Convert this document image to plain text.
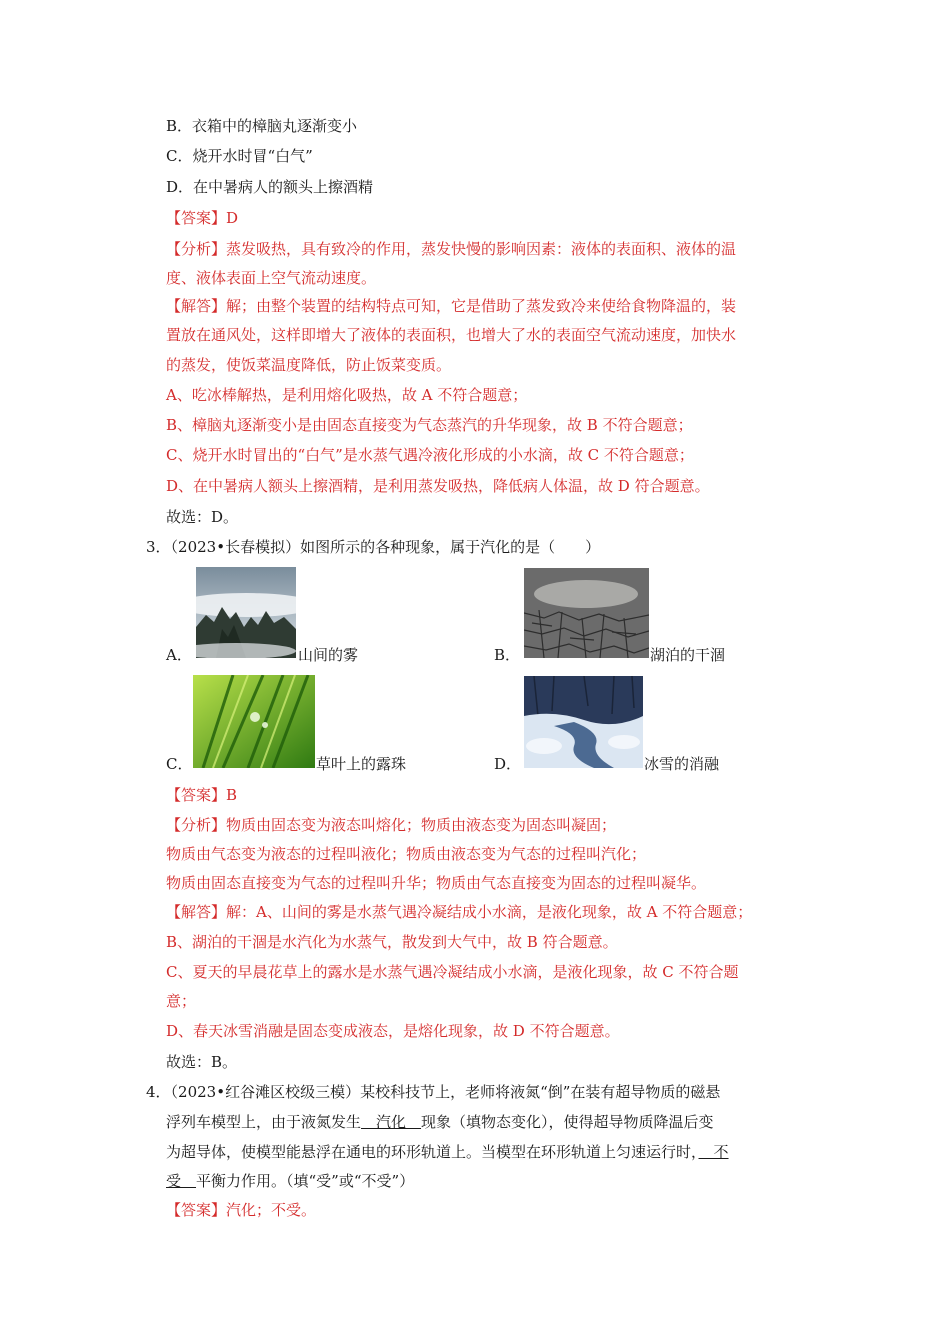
B．衣箱中的樟脑丸逐渐变小
C．烧开水时冒“白气”
D．在中暑病人的额头上擦酒精
【答案】D
【分析】蒸发吸热，具有致冷的作用，蒸发快慢的影响因素：液体的表面积、液体的温
度、液体表面上空气流动速度。
【解答】解；由整个装置的结构特点可知，它是借助了蒸发致冷来使给食物降温的，装
置放在通风处，这样即增大了液体的表面积，也增大了水的表面空气流动速度，加快水
的蒸发，使饭菜温度降低，防止饭菜变质。
A、吃冰棒解热，是利用熔化吸热，故 A 不符合题意；
B、樟脑丸逐渐变小是由固态直接变为气态蒸汽的升华现象，故 B 不符合题意；
C、烧开水时冒出的“白气”是水蒸气遇冷液化形成的小水滴，故 C 不符合题意；
D、在中暑病人额头上擦酒精，是利用蒸发吸热，降低病人体温，故 D 符合题意。
故选：D。
3．（2023•长春模拟）如图所示的各种现象，属于汽化的是（　　）
A．	山间的雾	B．	湖泊的干涸
C．	草叶上的露珠	D．	冰雪的消融
【答案】B
【分析】物质由固态变为液态叫熔化；物质由液态变为固态叫凝固；
物质由气态变为液态的过程叫液化；物质由液态变为气态的过程叫汽化；
物质由固态直接变为气态的过程叫升华；物质由气态直接变为固态的过程叫凝华。
【解答】解：A、山间的雾是水蒸气遇冷凝结成小水滴，是液化现象，故 A 不符合题意；
B、湖泊的干涸是水汽化为水蒸气，散发到大气中，故 B 符合题意。
C、夏天的早晨花草上的露水是水蒸气遇冷凝结成小水滴，是液化现象，故 C 不符合题
意；
D、春天冰雪消融是固态变成液态，是熔化现象，故 D 不符合题意。
故选：B。
4．（2023•红谷滩区校级三模）某校科技节上，老师将液氮“倒”在装有超导物质的磁悬
浮列车模型上，由于液氮发生　汽化　现象（填物态变化），使得超导物质降温后变
为超导体，使模型能悬浮在通电的环形轨道上。当模型在环形轨道上匀速运行时，　不
受　平衡力作用。（填“受”或“不受”）
【答案】汽化；不受。
